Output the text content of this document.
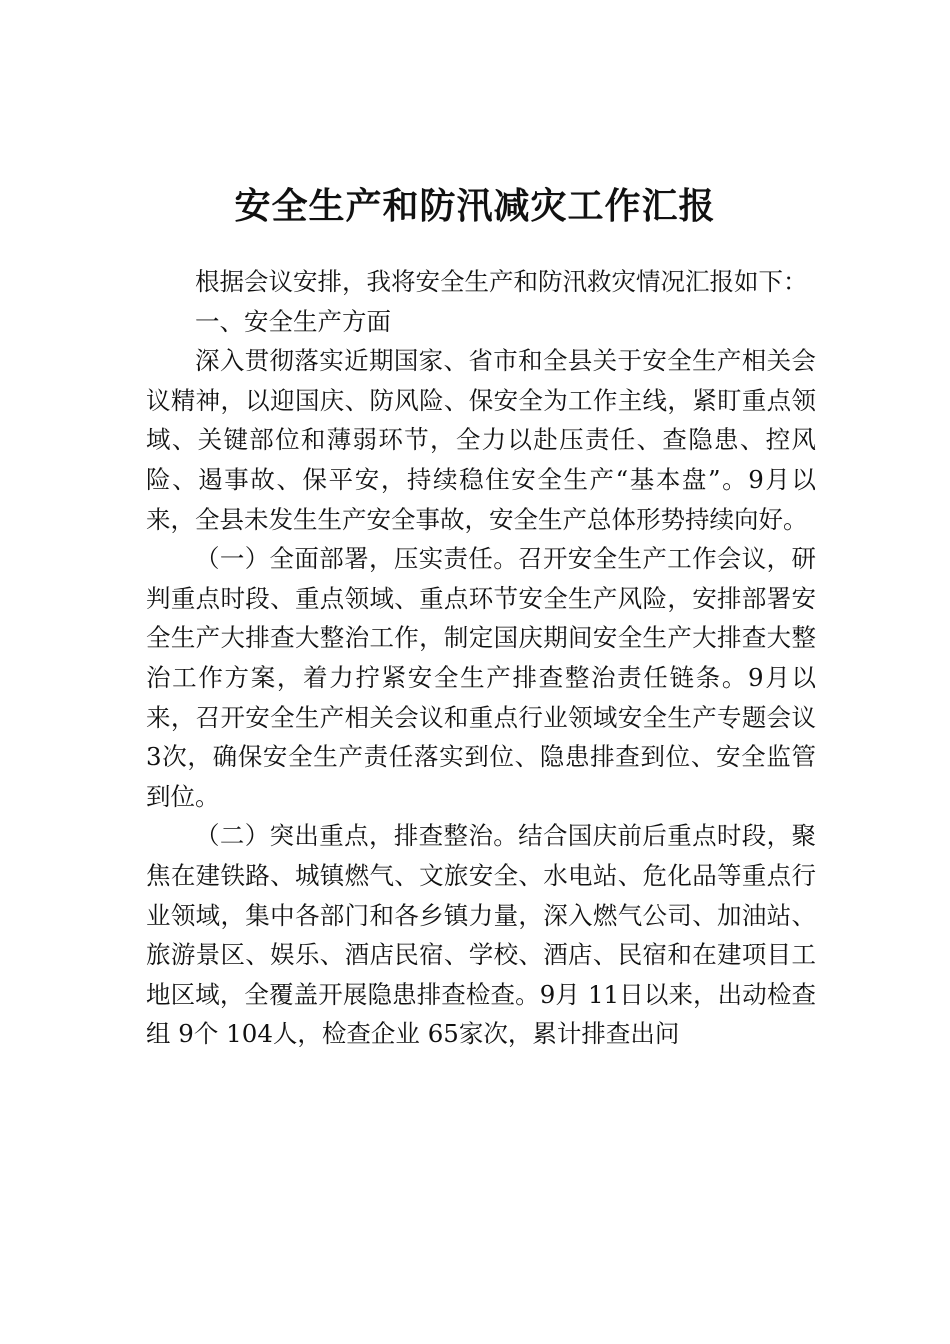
安全生产和防汛减灾工作汇报

根据会议安排，我将安全生产和防汛救灾情况汇报如下：

一、安全生产方面

深入贯彻落实近期国家、省市和全县关于安全生产相关会议精神，以迎国庆、防风险、保安全为工作主线，紧盯重点领域、关键部位和薄弱环节，全力以赴压责任、查隐患、控风险、遏事故、保平安，持续稳住安全生产“基本盘”。9月以来，全县未发生生产安全事故，安全生产总体形势持续向好。

（一）全面部署，压实责任。召开安全生产工作会议，研判重点时段、重点领域、重点环节安全生产风险，安排部署安全生产大排查大整治工作，制定国庆期间安全生产大排查大整治工作方案，着力拧紧安全生产排查整治责任链条。9月以来，召开安全生产相关会议和重点行业领域安全生产专题会议 3次，确保安全生产责任落实到位、隐患排查到位、安全监管到位。

（二）突出重点，排查整治。结合国庆前后重点时段，聚焦在建铁路、城镇燃气、文旅安全、水电站、危化品等重点行业领域，集中各部门和各乡镇力量，深入燃气公司、加油站、旅游景区、娱乐、酒店民宿、学校、酒店、民宿和在建项目工地区域，全覆盖开展隐患排查检查。9月 11日以来，出动检查组 9个 104人，检查企业 65家次，累计排查出问
